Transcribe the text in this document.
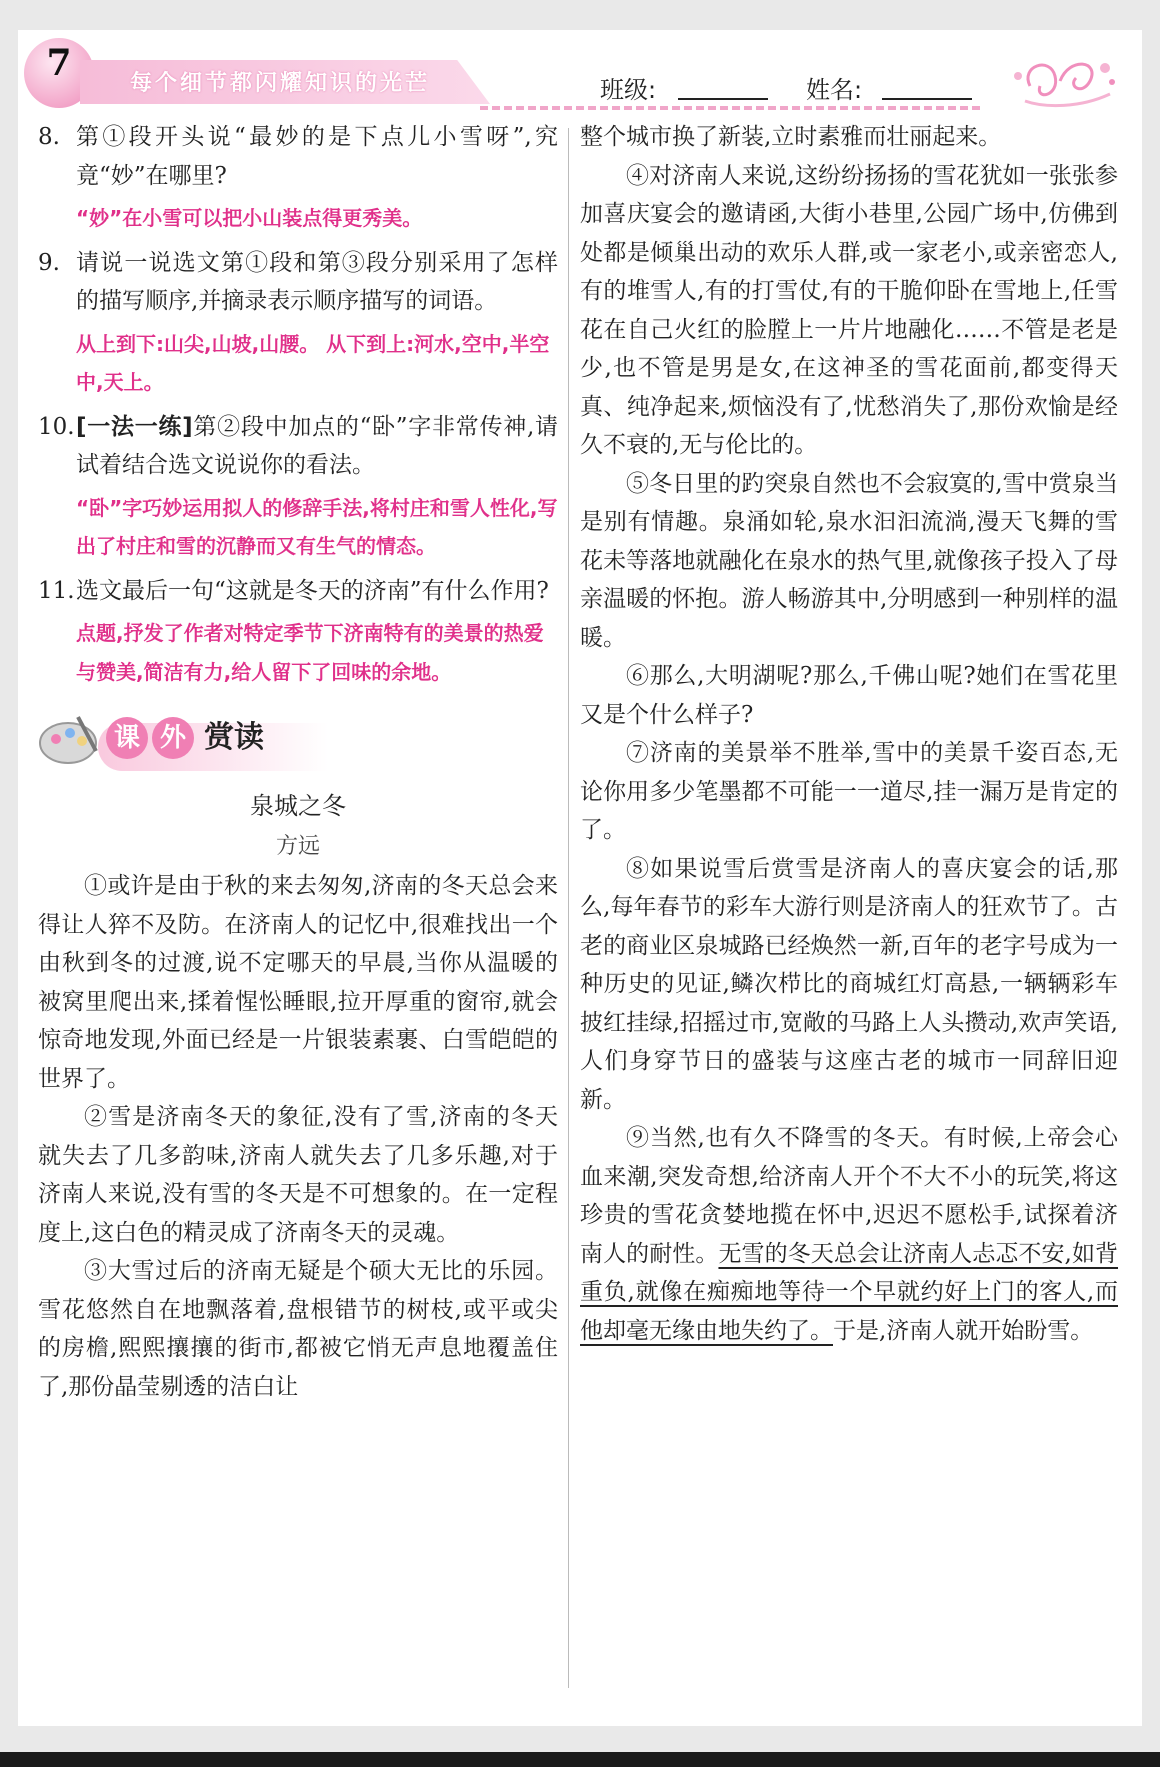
7	每个细节都闪耀知识的光芒	班级:	姓名:

8. 第①段开头说“最妙的是下点儿小雪呀”,究竟“妙”在哪里?

“妙”在小雪可以把小山装点得更秀美。

9. 请说一说选文第①段和第③段分别采用了怎样的描写顺序,并摘录表示顺序描写的词语。

从上到下:山尖,山坡,山腰。 从下到上:河水,空中,半空中,天上。

10. [一法一练]第②段中加点的“卧”字非常传神,请试着结合选文说说你的看法。

“卧”字巧妙运用拟人的修辞手法,将村庄和雪人性化,写出了村庄和雪的沉静而又有生气的情态。

11. 选文最后一句“这就是冬天的济南”有什么作用?

点题,抒发了作者对特定季节下济南特有的美景的热爱与赞美,简洁有力,给人留下了回味的余地。

课 外 赏读

泉城之冬

方远

①或许是由于秋的来去匆匆,济南的冬天总会来得让人猝不及防。在济南人的记忆中,很难找出一个由秋到冬的过渡,说不定哪天的早晨,当你从温暖的被窝里爬出来,揉着惺忪睡眼,拉开厚重的窗帘,就会惊奇地发现,外面已经是一片银装素裹、白雪皑皑的世界了。

②雪是济南冬天的象征,没有了雪,济南的冬天就失去了几多韵味,济南人就失去了几多乐趣,对于济南人来说,没有雪的冬天是不可想象的。在一定程度上,这白色的精灵成了济南冬天的灵魂。

③大雪过后的济南无疑是个硕大无比的乐园。雪花悠然自在地飘落着,盘根错节的树枝,或平或尖的房檐,熙熙攘攘的街市,都被它悄无声息地覆盖住了,那份晶莹剔透的洁白让

整个城市换了新装,立时素雅而壮丽起来。

④对济南人来说,这纷纷扬扬的雪花犹如一张张参加喜庆宴会的邀请函,大街小巷里,公园广场中,仿佛到处都是倾巢出动的欢乐人群,或一家老小,或亲密恋人,有的堆雪人,有的打雪仗,有的干脆仰卧在雪地上,任雪花在自己火红的脸膛上一片片地融化……不管是老是少,也不管是男是女,在这神圣的雪花面前,都变得天真、纯净起来,烦恼没有了,忧愁消失了,那份欢愉是经久不衰的,无与伦比的。

⑤冬日里的趵突泉自然也不会寂寞的,雪中赏泉当是别有情趣。泉涌如轮,泉水汩汩流淌,漫天飞舞的雪花未等落地就融化在泉水的热气里,就像孩子投入了母亲温暖的怀抱。游人畅游其中,分明感到一种别样的温暖。

⑥那么,大明湖呢?那么,千佛山呢?她们在雪花里又是个什么样子?

⑦济南的美景举不胜举,雪中的美景千姿百态,无论你用多少笔墨都不可能一一道尽,挂一漏万是肯定的了。

⑧如果说雪后赏雪是济南人的喜庆宴会的话,那么,每年春节的彩车大游行则是济南人的狂欢节了。古老的商业区泉城路已经焕然一新,百年的老字号成为一种历史的见证,鳞次栉比的商城红灯高悬,一辆辆彩车披红挂绿,招摇过市,宽敞的马路上人头攒动,欢声笑语,人们身穿节日的盛装与这座古老的城市一同辞旧迎新。

⑨当然,也有久不降雪的冬天。有时候,上帝会心血来潮,突发奇想,给济南人开个不大不小的玩笑,将这珍贵的雪花贪婪地揽在怀中,迟迟不愿松手,试探着济南人的耐性。无雪的冬天总会让济南人忐忑不安,如背重负,就像在痴痴地等待一个早就约好上门的客人,而他却毫无缘由地失约了。于是,济南人就开始盼雪。
